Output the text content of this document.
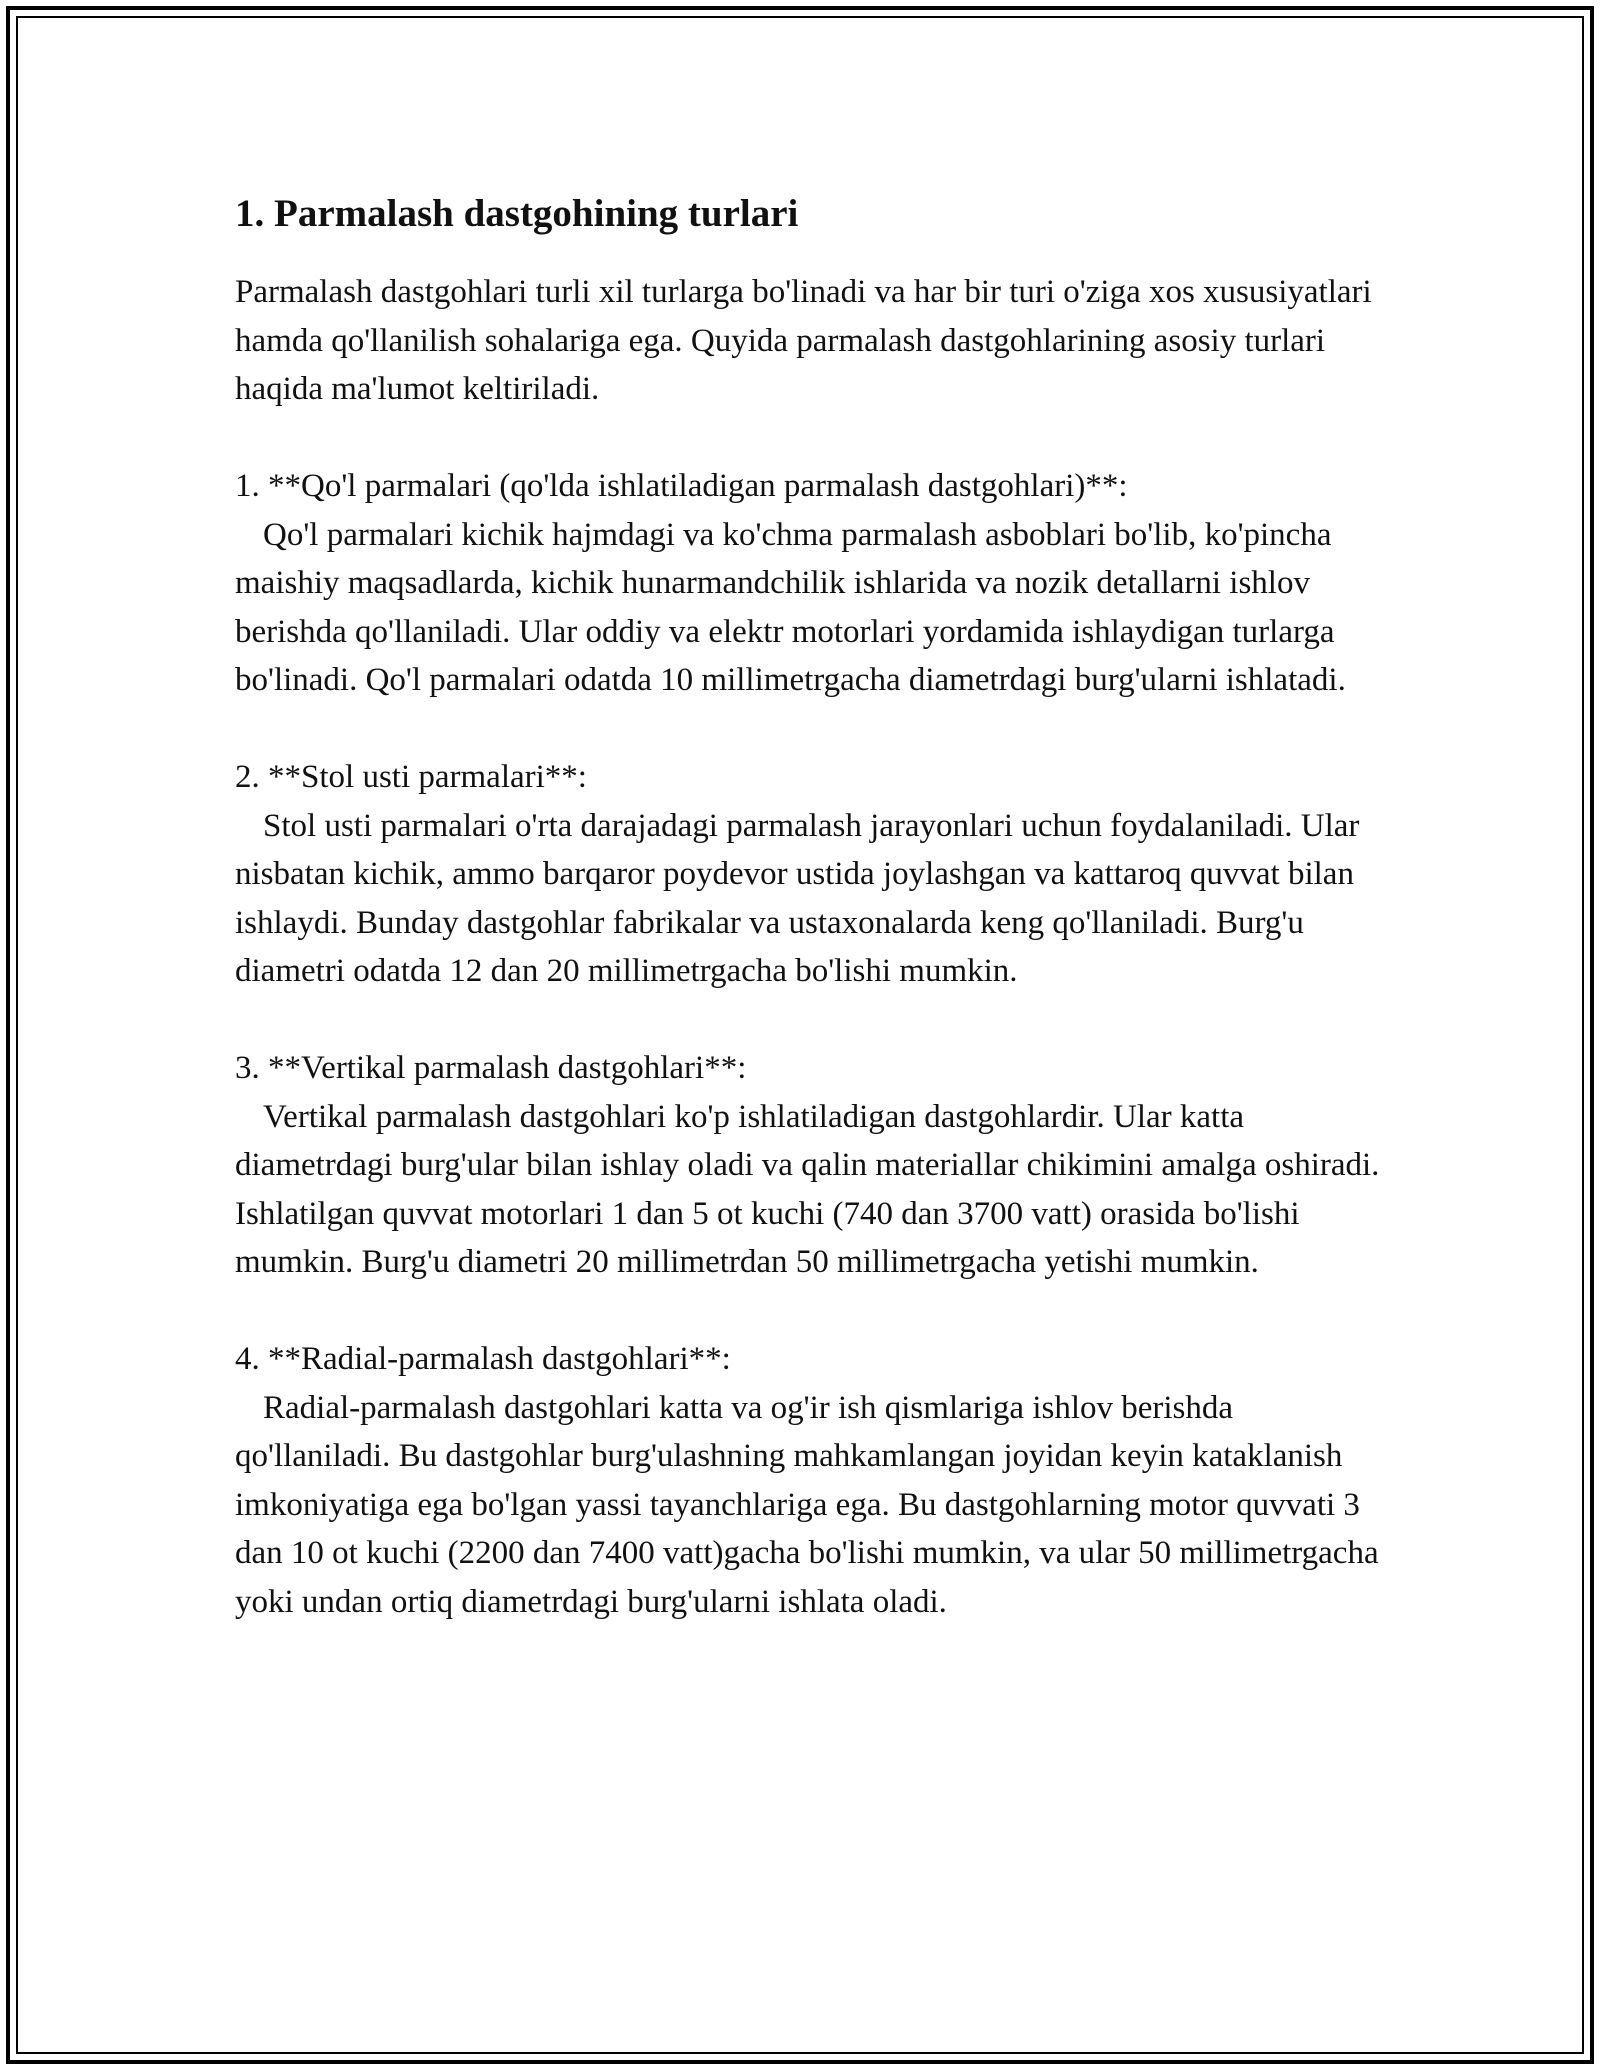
1. Parmalash dastgohining turlari

Parmalash dastgohlari turli xil turlarga bo'linadi va har bir turi o'ziga xos xususiyatlari hamda qo'llanilish sohalariga ega. Quyida parmalash dastgohlarining asosiy turlari haqida ma'lumot keltiriladi.

1. **Qo'l parmalari (qo'lda ishlatiladigan parmalash dastgohlari)**:

Qo'l parmalari kichik hajmdagi va ko'chma parmalash asboblari bo'lib, ko'pincha maishiy maqsadlarda, kichik hunarmandchilik ishlarida va nozik detallarni ishlov berishda qo'llaniladi. Ular oddiy va elektr motorlari yordamida ishlaydigan turlarga bo'linadi. Qo'l parmalari odatda 10 millimetrgacha diametrdagi burg'ularni ishlatadi.

2. **Stol usti parmalari**:

Stol usti parmalari o'rta darajadagi parmalash jarayonlari uchun foydalaniladi. Ular nisbatan kichik, ammo barqaror poydevor ustida joylashgan va kattaroq quvvat bilan ishlaydi. Bunday dastgohlar fabrikalar va ustaxonalarda keng qo'llaniladi. Burg'u diametri odatda 12 dan 20 millimetrgacha bo'lishi mumkin.

3. **Vertikal parmalash dastgohlari**:

Vertikal parmalash dastgohlari ko'p ishlatiladigan dastgohlardir. Ular katta diametrdagi burg'ular bilan ishlay oladi va qalin materiallar chikimini amalga oshiradi. Ishlatilgan quvvat motorlari 1 dan 5 ot kuchi (740 dan 3700 vatt) orasida bo'lishi mumkin. Burg'u diametri 20 millimetrdan 50 millimetrgacha yetishi mumkin.

4. **Radial-parmalash dastgohlari**:

Radial-parmalash dastgohlari katta va og'ir ish qismlariga ishlov berishda qo'llaniladi. Bu dastgohlar burg'ulashning mahkamlangan joyidan keyin kataklanish imkoniyatiga ega bo'lgan yassi tayanchlariga ega. Bu dastgohlarning motor quvvati 3 dan 10 ot kuchi (2200 dan 7400 vatt)gacha bo'lishi mumkin, va ular 50 millimetrgacha yoki undan ortiq diametrdagi burg'ularni ishlata oladi.
